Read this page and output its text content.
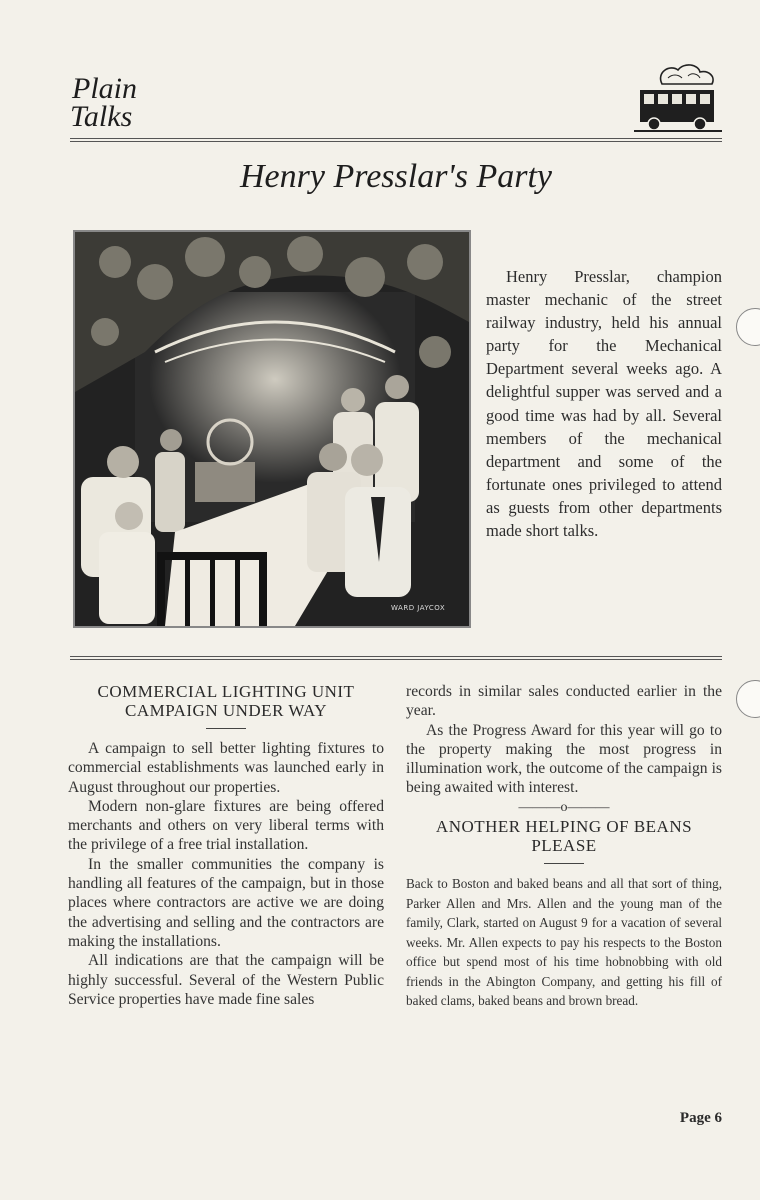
Plain
Talks
Henry Presslar's Party
WARD JAYCOX
Henry Presslar, champion master mechanic of the street railway industry, held his annual party for the Mechanical Department several weeks ago. A delightful supper was served and a good time was had by all. Several members of the mechanical department and some of the fortunate ones privileged to attend as guests from other departments made short talks.

COMMERCIAL LIGHTING UNIT

CAMPAIGN UNDER WAY

A campaign to sell better lighting fixtures to commercial establishments was launched early in August throughout our properties.

Modern non-glare fixtures are being offered merchants and others on very liberal terms with the privilege of a free trial installation.

In the smaller communities the company is handling all features of the campaign, but in those places where contractors are active we are doing the advertising and selling and the contractors are making the installations.

All indications are that the campaign will be highly successful. Several of the Western Public Service properties have made fine sales

records in similar sales conducted earlier in the year.

As the Progress Award for this year will go to the property making the most progress in illumination work, the outcome of the campaign is being awaited with interest.

———o———

ANOTHER HELPING OF BEANS

PLEASE

Back to Boston and baked beans and all that sort of thing, Parker Allen and Mrs. Allen and the young man of the family, Clark, started on August 9 for a vacation of several weeks. Mr. Allen expects to pay his respects to the Boston office but spend most of his time hobnobbing with old friends in the Abington Company, and getting his fill of baked clams, baked beans and brown bread.

Page 6
